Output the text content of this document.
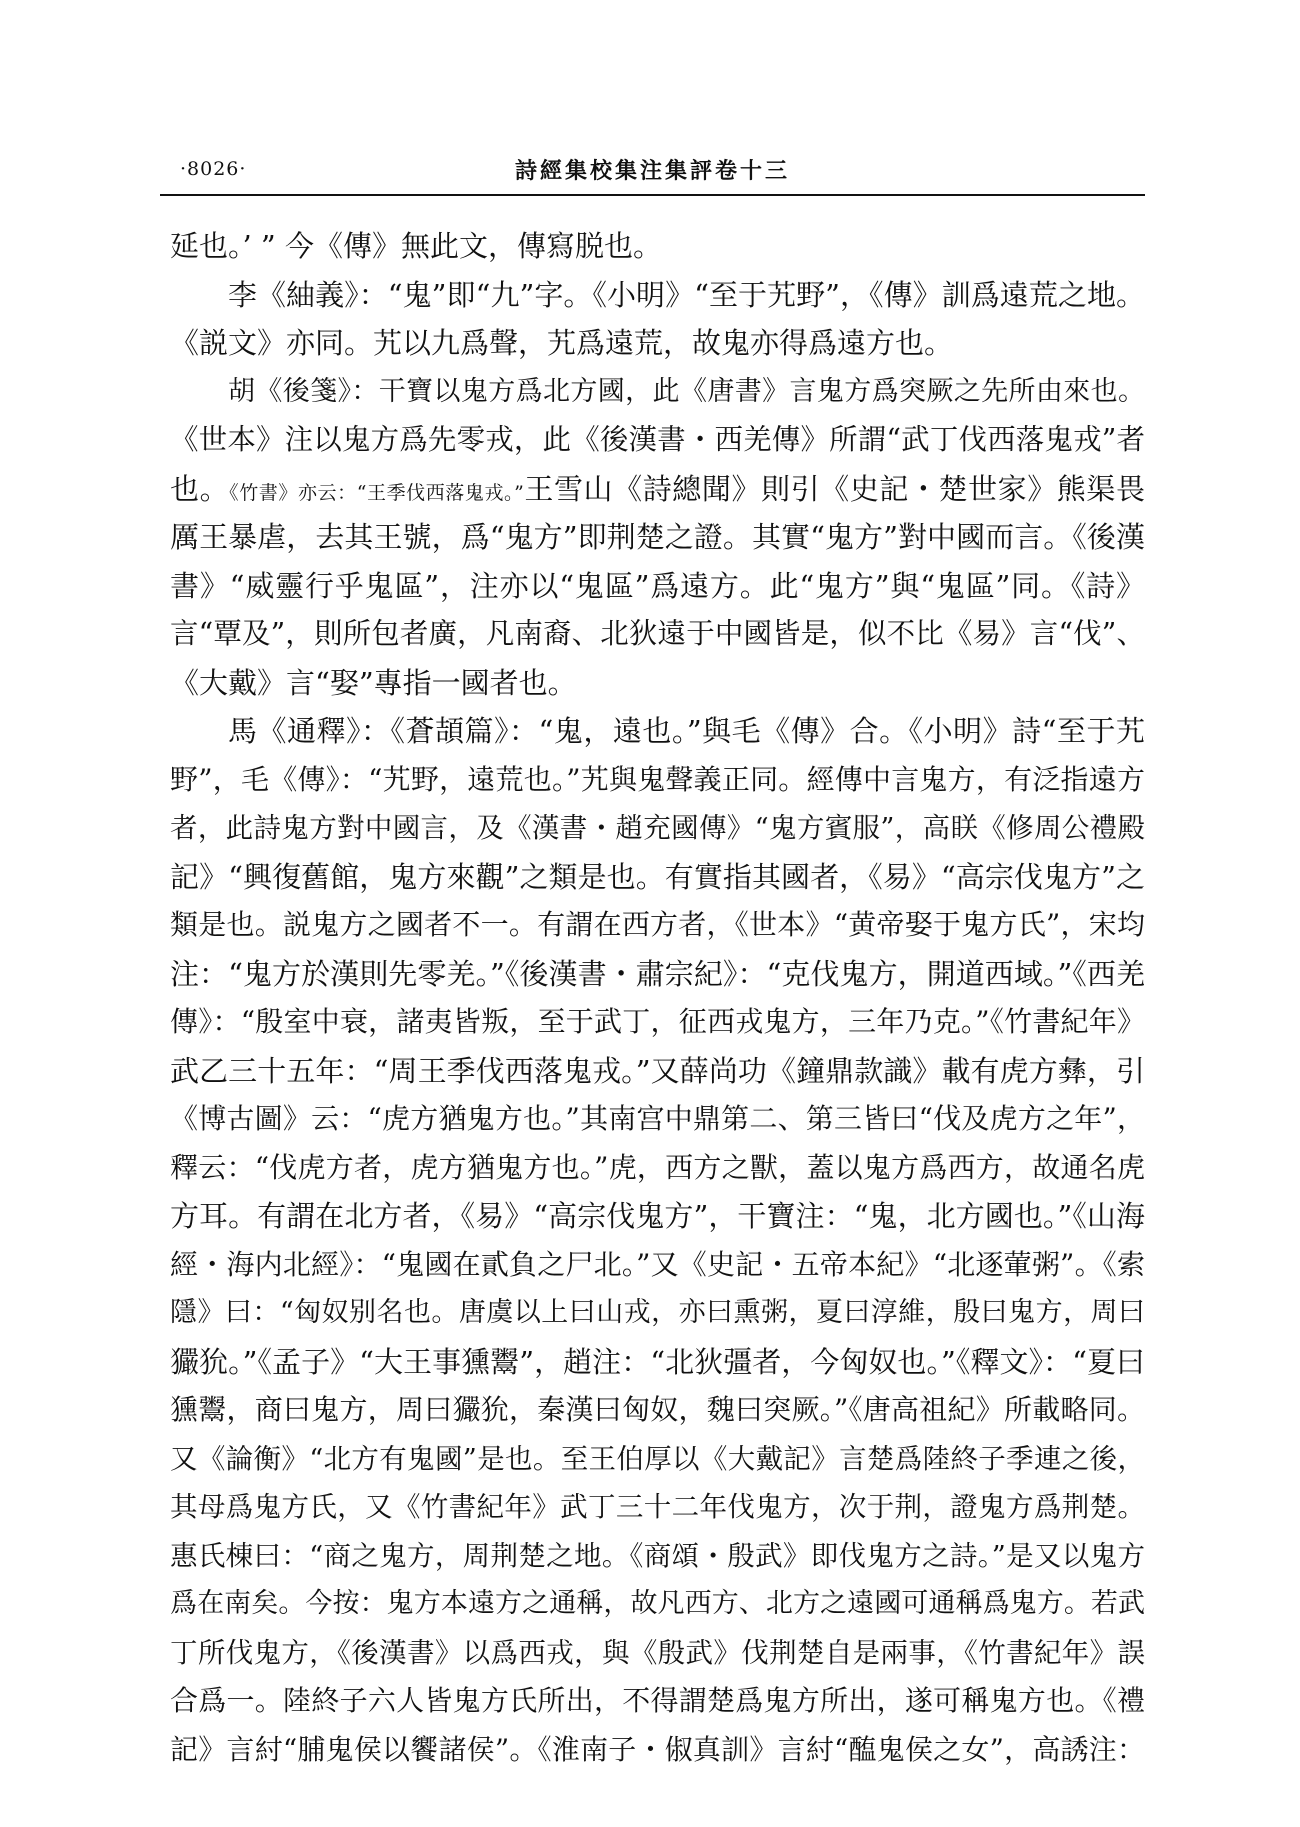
·8026·	詩經集校集注集評卷十三
延也。’ ” 今《傳》無此文，傳寫脱也。
李《紬義》：“鬼”即“九”字。《小明》“至于艽野”，《傳》訓爲遠荒之地。
《説文》亦同。艽以九爲聲，艽爲遠荒，故鬼亦得爲遠方也。
胡《後箋》：干寶以鬼方爲北方國，此《唐書》言鬼方爲突厥之先所由來也。
《世本》注以鬼方爲先零戎，此《後漢書・西羌傳》所謂“武丁伐西落鬼戎”者
也。《竹書》亦云：“王季伐西落鬼戎。”王雪山《詩總聞》則引《史記・楚世家》熊渠畏
厲王暴虐，去其王號，爲“鬼方”即荆楚之證。其實“鬼方”對中國而言。《後漢
書》“威靈行乎鬼區”，注亦以“鬼區”爲遠方。此“鬼方”與“鬼區”同。《詩》
言“覃及”，則所包者廣，凡南裔、北狄遠于中國皆是，似不比《易》言“伐”、
《大戴》言“娶”專指一國者也。
馬《通釋》：《蒼頡篇》：“鬼，遠也。”與毛《傳》合。《小明》詩“至于艽
野”，毛《傳》：“艽野，遠荒也。”艽與鬼聲義正同。經傳中言鬼方，有泛指遠方
者，此詩鬼方對中國言，及《漢書・趙充國傳》“鬼方賓服”，高眹《修周公禮殿
記》“興復舊館，鬼方來觀”之類是也。有實指其國者，《易》“高宗伐鬼方”之
類是也。説鬼方之國者不一。有謂在西方者，《世本》“黄帝娶于鬼方氏”，宋均
注：“鬼方於漢則先零羌。”《後漢書・肅宗紀》：“克伐鬼方，開道西域。”《西羌
傳》：“殷室中衰，諸夷皆叛，至于武丁，征西戎鬼方，三年乃克。”《竹書紀年》
武乙三十五年：“周王季伐西落鬼戎。”又薛尚功《鐘鼎款識》載有虎方彝，引
《博古圖》云：“虎方猶鬼方也。”其南宫中鼎第二、第三皆曰“伐及虎方之年”，
釋云：“伐虎方者，虎方猶鬼方也。”虎，西方之獸，蓋以鬼方爲西方，故通名虎
方耳。有謂在北方者，《易》“高宗伐鬼方”，干寶注：“鬼，北方國也。”《山海
經・海内北經》：“鬼國在貳負之尸北。”又《史記・五帝本紀》“北逐葷粥”。《索
隱》曰：“匈奴别名也。唐虞以上曰山戎，亦曰熏粥，夏曰淳維，殷曰鬼方，周曰
玁狁。”《孟子》“大王事獯鬻”，趙注：“北狄彊者，今匈奴也。”《釋文》：“夏曰
獯鬻，商曰鬼方，周曰玁狁，秦漢曰匈奴，魏曰突厥。”《唐高祖紀》所載略同。
又《論衡》“北方有鬼國”是也。至王伯厚以《大戴記》言楚爲陸終子季連之後，
其母爲鬼方氏，又《竹書紀年》武丁三十二年伐鬼方，次于荆，證鬼方爲荆楚。
惠氏棟曰：“商之鬼方，周荆楚之地。《商頌・殷武》即伐鬼方之詩。”是又以鬼方
爲在南矣。今按：鬼方本遠方之通稱，故凡西方、北方之遠國可通稱爲鬼方。若武
丁所伐鬼方，《後漢書》以爲西戎，與《殷武》伐荆楚自是兩事，《竹書紀年》誤
合爲一。陸終子六人皆鬼方氏所出，不得謂楚爲鬼方所出，遂可稱鬼方也。《禮
記》言紂“脯鬼侯以饗諸侯”。《淮南子・俶真訓》言紂“醢鬼侯之女”，高誘注：
